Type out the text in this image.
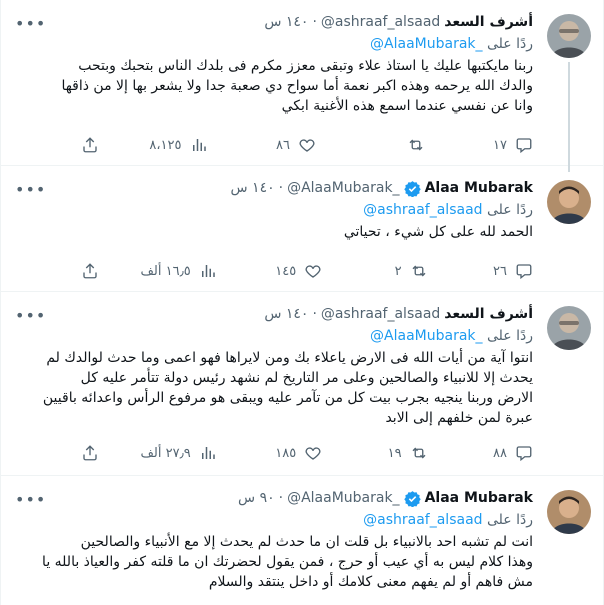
أشرف السعد
@ashraaf_alsaad
·
١٤٠ س
•••
ردًا على @AlaaMubarak_

ربنا مايكتبها عليك يا استاذ علاء وتبقى معزز مكرم فى بلدك الناس بتحبك وبتحب

والدك الله يرحمه وهذه اكبر نعمة أما سواح دي صعبة جدا ولا يشعر بها إلا من ذاقها

وانا عن نفسي عندما اسمع هذه الأغنية ابكي

١٧
٨٦
٨،١٢٥
Alaa Mubarak
@AlaaMubarak_
·
١٤٠ س
•••
ردًا على @ashraaf_alsaad

الحمد لله على كل شيء ، تحياتي

٢٦
٢
١٤٥
١٦٫٥ ألف
أشرف السعد
@ashraaf_alsaad
·
١٤٠ س
•••
ردًا على @AlaaMubarak_

انتوا آية من أيات الله فى الارض ياعلاء بك ومن لايراها فهو اعمى وما حدث لوالدك لم

يحدث إلا للانبياء والصالحين وعلى مر التاريخ لم نشهد رئيس دولة تتأمر عليه كل

الارض وربنا ينجيه بجرب بيت كل من تآمر عليه ويبقى هو مرفوع الرأس واعدائه باقيين

عبرة لمن خلفهم إلى الابد

٨٨
١٩
١٨٥
٢٧٫٩ ألف
Alaa Mubarak
@AlaaMubarak_
·
٩٠ س
•••
ردًا على @ashraaf_alsaad

انت لم تشبه احد بالانبياء بل قلت ان ما حدث لم يحدث إلا مع الأنبياء والصالحين

وهذا كلام ليس به أي عيب أو حرج ، فمن يقول لحضرتك ان ما قلته كفر والعياذ بالله يا

مش فاهم أو لم يفهم معنى كلامك أو داخل ينتقد والسلام
